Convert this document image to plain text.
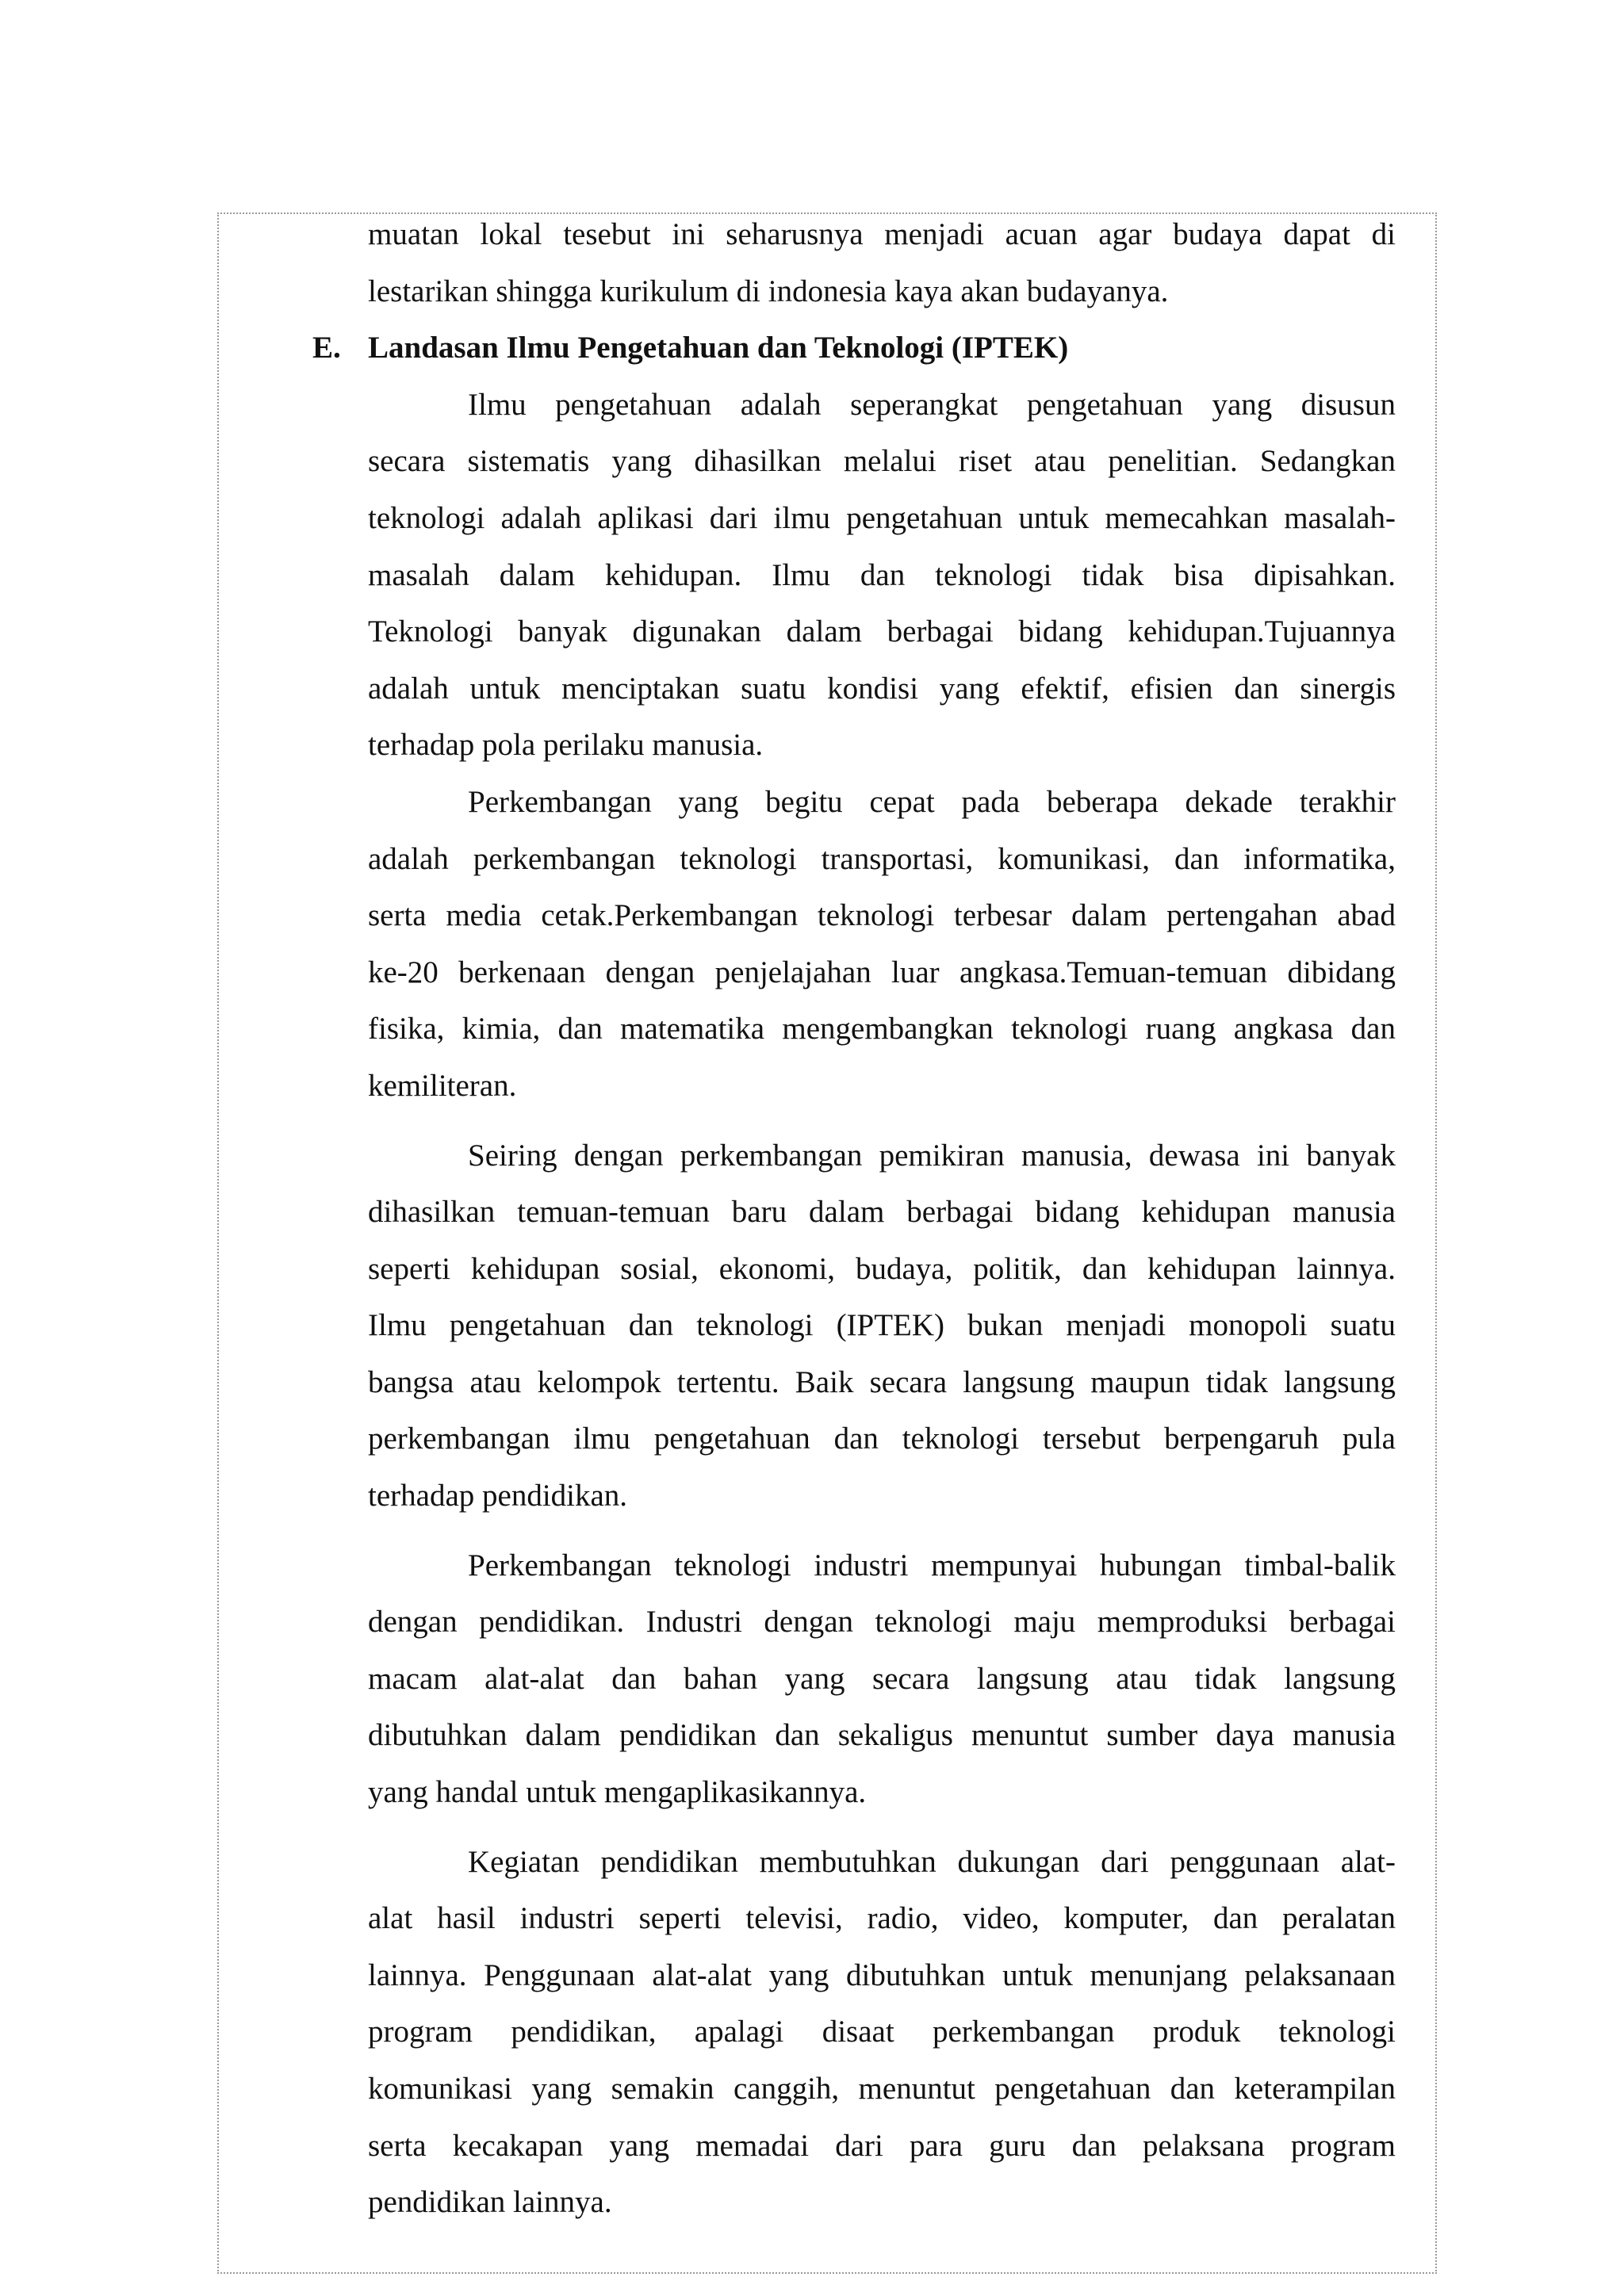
muatan lokal tesebut ini seharusnya menjadi acuan agar budaya dapat di
lestarikan shingga kurikulum di indonesia kaya akan budayanya.
E. Landasan Ilmu Pengetahuan dan Teknologi (IPTEK)
Ilmu pengetahuan adalah seperangkat pengetahuan yang disusun
secara sistematis yang dihasilkan melalui riset atau penelitian. Sedangkan
teknologi adalah aplikasi dari ilmu pengetahuan untuk memecahkan masalah-
masalah dalam kehidupan. Ilmu dan teknologi tidak bisa dipisahkan.
Teknologi banyak digunakan dalam berbagai bidang kehidupan.Tujuannya
adalah untuk menciptakan suatu kondisi yang efektif, efisien dan sinergis
terhadap pola perilaku manusia.
Perkembangan yang begitu cepat pada beberapa dekade terakhir
adalah perkembangan teknologi transportasi, komunikasi, dan informatika,
serta media cetak.Perkembangan teknologi terbesar dalam pertengahan abad
ke-20 berkenaan dengan penjelajahan luar angkasa.Temuan-temuan dibidang
fisika, kimia, dan matematika mengembangkan teknologi ruang angkasa dan
kemiliteran.
Seiring dengan perkembangan pemikiran manusia, dewasa ini banyak
dihasilkan temuan-temuan baru dalam berbagai bidang kehidupan manusia
seperti kehidupan sosial, ekonomi, budaya, politik, dan kehidupan lainnya.
Ilmu pengetahuan dan teknologi (IPTEK) bukan menjadi monopoli suatu
bangsa atau kelompok tertentu. Baik secara langsung maupun tidak langsung
perkembangan ilmu pengetahuan dan teknologi tersebut berpengaruh pula
terhadap pendidikan.
Perkembangan teknologi industri mempunyai hubungan timbal-balik
dengan pendidikan. Industri dengan teknologi maju memproduksi berbagai
macam alat-alat dan bahan yang secara langsung atau tidak langsung
dibutuhkan dalam pendidikan dan sekaligus menuntut sumber daya manusia
yang handal untuk mengaplikasikannya.
Kegiatan pendidikan membutuhkan dukungan dari penggunaan alat-
alat hasil industri seperti televisi, radio, video, komputer, dan peralatan
lainnya. Penggunaan alat-alat yang dibutuhkan untuk menunjang pelaksanaan
program pendidikan, apalagi disaat perkembangan produk teknologi
komunikasi yang semakin canggih, menuntut pengetahuan dan keterampilan
serta kecakapan yang memadai dari para guru dan pelaksana program
pendidikan lainnya.
